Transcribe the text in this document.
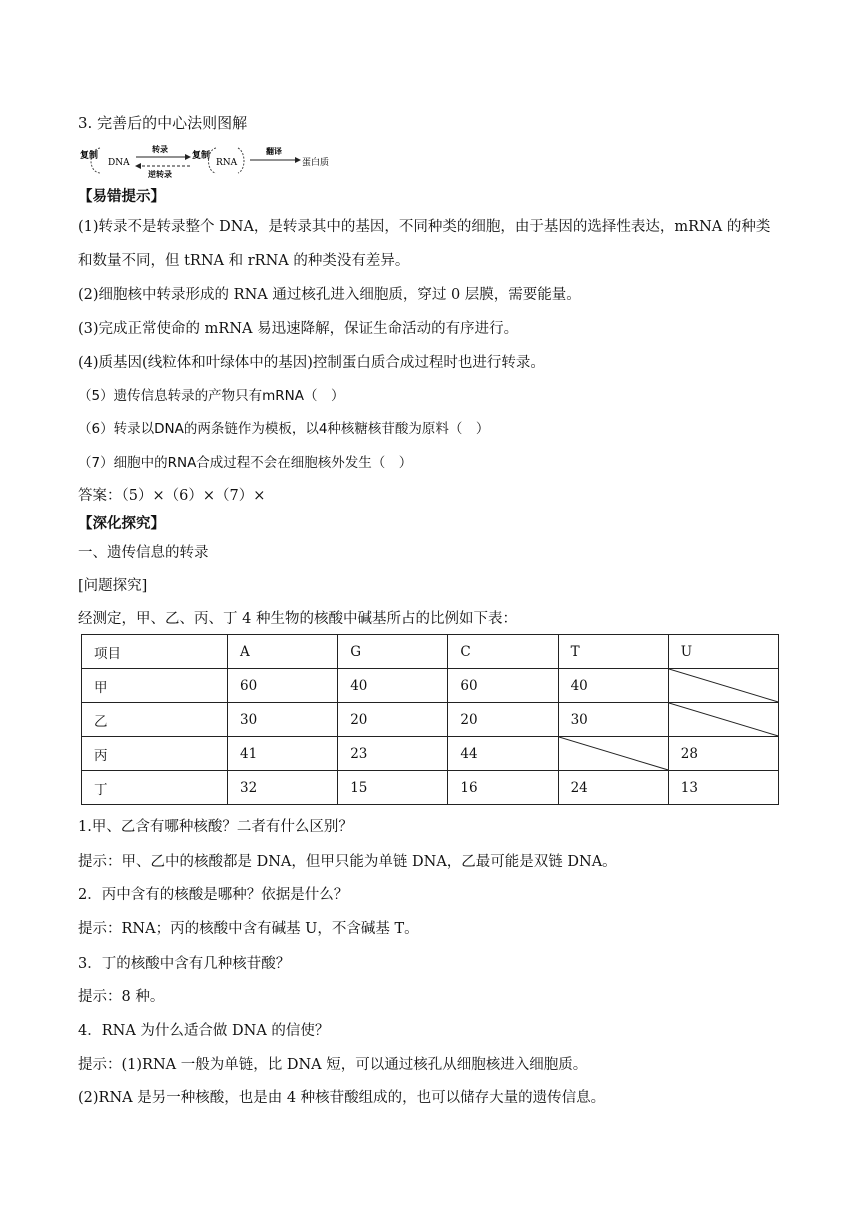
3. 完善后的中心法则图解
复制
DNA
转录
逆转录
复制
RNA
翻译
蛋白质
【易错提示】
(1)转录不是转录整个 DNA，是转录其中的基因，不同种类的细胞，由于基因的选择性表达，mRNA 的种类
和数量不同，但 tRNA 和 rRNA 的种类没有差异。
(2)细胞核中转录形成的 RNA 通过核孔进入细胞质，穿过 0 层膜，需要能量。
(3)完成正常使命的 mRNA 易迅速降解，保证生命活动的有序进行。
(4)质基因(线粒体和叶绿体中的基因)控制蛋白质合成过程时也进行转录。
（5）遗传信息转录的产物只有mRNA（　）
（6）转录以DNA的两条链作为模板，以4种核糖核苷酸为原料（　）
（7）细胞中的RNA合成过程不会在细胞核外发生（　）
答案：（5）×（6）×（7）×
【深化探究】
一、遗传信息的转录
[问题探究]
经测定，甲、乙、丙、丁 4 种生物的核酸中碱基所占的比例如下表：
项目	A	G	C	T	U
甲	60	40	60	40	

乙	30	20	20	30	

丙	41	23	44		28
丁	32	15	16	24	13
1.甲、乙含有哪种核酸？二者有什么区别？
提示：甲、乙中的核酸都是 DNA，但甲只能为单链 DNA，乙最可能是双链 DNA。
2．丙中含有的核酸是哪种？依据是什么？
提示：RNA；丙的核酸中含有碱基 U，不含碱基 T。
3．丁的核酸中含有几种核苷酸？
提示：8 种。
4．RNA 为什么适合做 DNA 的信使？
提示：(1)RNA 一般为单链，比 DNA 短，可以通过核孔从细胞核进入细胞质。
(2)RNA 是另一种核酸，也是由 4 种核苷酸组成的，也可以储存大量的遗传信息。
